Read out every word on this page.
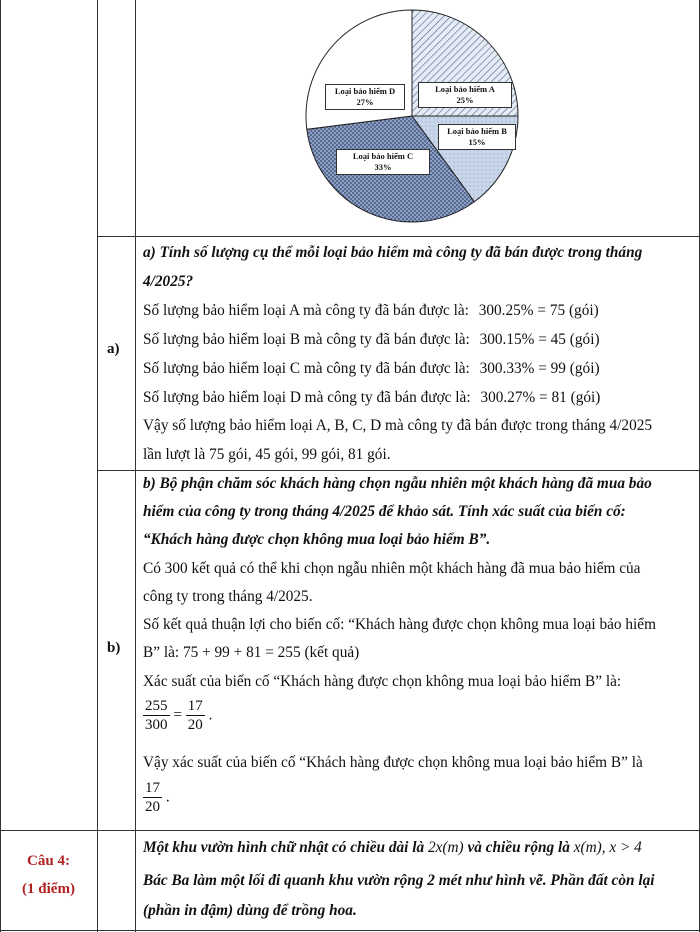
Loại bảo hiểm D
27%
Loại bảo hiểm A
25%
Loại bảo hiểm B
15%
Loại bảo hiểm C
33%
a)
a) Tính số lượng cụ thể mỗi loại bảo hiểm mà công ty đã bán được trong tháng
4/2025?
Số lượng bảo hiểm loại A mà công ty đã bán được là: 300.25% = 75 (gói)
Số lượng bảo hiểm loại B mà công ty đã bán được là: 300.15% = 45 (gói)
Số lượng bảo hiểm loại C mà công ty đã bán được là: 300.33% = 99 (gói)
Số lượng bảo hiểm loại D mà công ty đã bán được là: 300.27% = 81 (gói)
Vậy số lượng bảo hiểm loại A, B, C, D mà công ty đã bán được trong tháng 4/2025
lần lượt là 75 gói, 45 gói, 99 gói, 81 gói.
b)
b) Bộ phận chăm sóc khách hàng chọn ngẫu nhiên một khách hàng đã mua bảo
hiểm của công ty trong tháng 4/2025 để khảo sát. Tính xác suất của biến cố:
“Khách hàng được chọn không mua loại bảo hiểm B”.
Có 300 kết quả có thể khi chọn ngẫu nhiên một khách hàng đã mua bảo hiểm của
công ty trong tháng 4/2025.
Số kết quả thuận lợi cho biến cố: “Khách hàng được chọn không mua loại bảo hiểm
B” là: 75 + 99 + 81 = 255 (kết quả)
Xác suất của biến cố “Khách hàng được chọn không mua loại bảo hiểm B” là:
$\frac{255}{300} = \frac{17}{20}$ .
Vậy xác suất của biến cố “Khách hàng được chọn không mua loại bảo hiểm B” là
$\frac{17}{20}$ .
Câu 4:
(1 điểm)
Một khu vườn hình chữ nhật có chiều dài là 2x(m) và chiều rộng là x(m), x > 4
Bác Ba làm một lối đi quanh khu vườn rộng 2 mét như hình vẽ. Phần đất còn lại
(phần in đậm) dùng để trồng hoa.
